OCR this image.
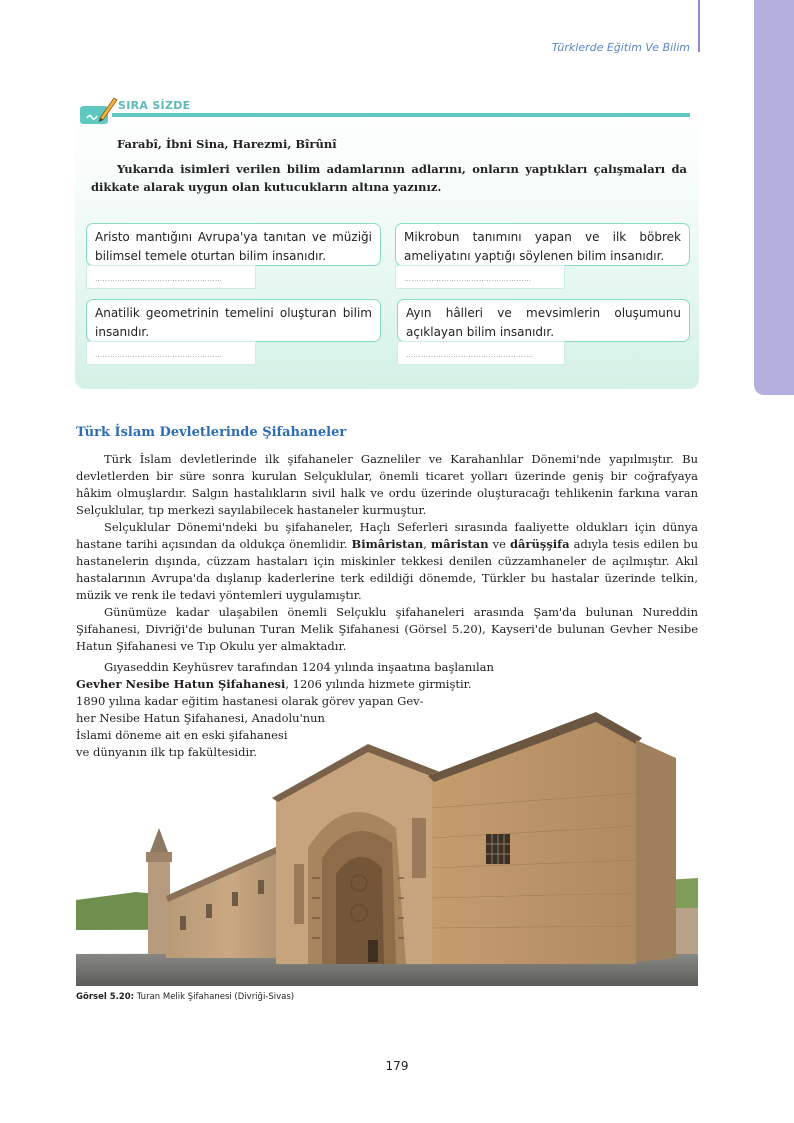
Türklerde Eğitim Ve Bilim
SIRA SİZDE
Farabî, İbni Sina, Harezmi, Bîrûnî
Yukarıda isimleri verilen bilim adamlarının adlarını, onların yaptıkları çalışmaları da dikkate alarak uygun olan kutucukların altına yazınız.
Aristo mantığını Avrupa'ya tanıtan ve müziği bilimsel temele oturtan bilim insanıdır.
……………………………………………
Mikrobun tanımını yapan ve ilk böbrek ameliyatını yaptığı söylenen bilim insanıdır.
……………………………………………
Anatilik geometrinin temelini oluşturan bilim insanıdır.
……………………………………………
Ayın hâlleri ve mevsimlerin oluşumunu açıklayan bilim insanıdır.
……………………………………………
Türk İslam Devletlerinde Şifahaneler

Türk İslam devletlerinde ilk şifahaneler Gazneliler ve Karahanlılar Dönemi'nde yapılmıştır. Bu devletlerden bir süre sonra kurulan Selçuklular, önemli ticaret yolları üzerinde geniş bir coğrafyaya hâkim olmuşlardır. Salgın hastalıkların sivil halk ve ordu üzerinde oluşturacağı tehlikenin farkına varan Selçuklular, tıp merkezi sayılabilecek hastaneler kurmuştur.

Selçuklular Dönemi'ndeki bu şifahaneler, Haçlı Seferleri sırasında faaliyette oldukları için dünya hastane tarihi açısından da oldukça önemlidir. Bimâristan, mâristan ve dârüşşifa adıyla tesis edilen bu hastanelerin dışında, cüzzam hastaları için miskinler tekkesi denilen cüzzamhaneler de açılmıştır. Akıl hastalarının Avrupa'da dışlanıp kaderlerine terk edildiği dönemde, Türkler bu hastalar üzerinde telkin, müzik ve renk ile tedavi yöntemleri uygulamıştır.

Günümüze kadar ulaşabilen önemli Selçuklu şifahaneleri arasında Şam'da bulunan Nureddin Şifahanesi, Divriği'de bulunan Turan Melik Şifahanesi (Görsel 5.20), Kayseri'de bulunan Gevher Nesibe Hatun Şifahanesi ve Tıp Okulu yer almaktadır.

Gıyaseddin Keyhüsrev tarafından 1204 yılında inşaatına başlanılan
Gevher Nesibe Hatun Şifahanesi, 1206 yılında hizmete girmiştir.
1890 yılına kadar eğitim hastanesi olarak görev yapan Gev-
her Nesibe Hatun Şifahanesi, Anadolu'nun
İslami döneme ait en eski şifahanesi
ve dünyanın ilk tıp fakültesidir.
Görsel 5.20: Turan Melik Şifahanesi (Divriği-Sivas)
179
